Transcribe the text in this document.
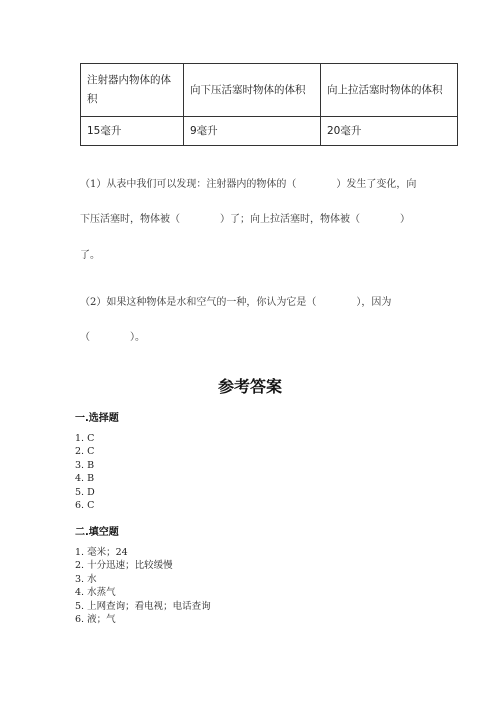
注射器内物体的体积	向下压活塞时物体的体积	向上拉活塞时物体的体积
15毫升	9毫升	20毫升
（1）从表中我们可以发现：注射器内的物体的（　　　　）发生了变化，向
下压活塞时，物体被（　　　　）了；向上拉活塞时，物体被（　　　　）
了。
（2）如果这种物体是水和空气的一种，你认为它是（　　　　），因为
（　　　　）。
参考答案
一.选择题
1. C
2. C
3. B
4. B
5. D
6. C
二.填空题
1. 毫米；24
2. 十分迅速；比较缓慢
3. 水
4. 水蒸气
5. 上网查询；看电视；电话查询
6. 液；气
